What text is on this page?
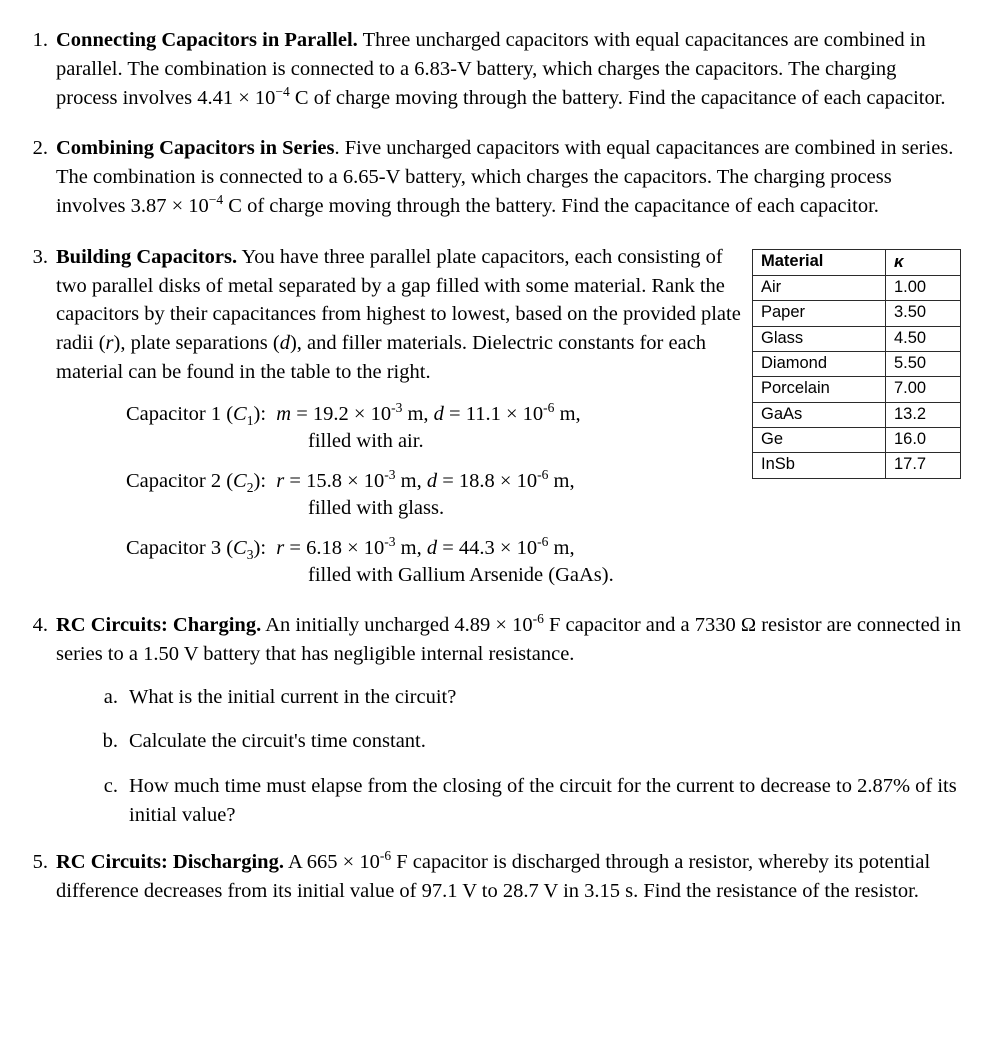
1. Connecting Capacitors in Parallel. Three uncharged capacitors with equal capacitances are combined in parallel. The combination is connected to a 6.83-V battery, which charges the capacitors. The charging process involves $4.41 \times 10^{-4}$ C of charge moving through the battery. Find the capacitance of each capacitor.
2. Combining Capacitors in Series. Five uncharged capacitors with equal capacitances are combined in series. The combination is connected to a 6.65-V battery, which charges the capacitors. The charging process involves $3.87 \times 10^{-4}$ C of charge moving through the battery. Find the capacitance of each capacitor.
3. Building Capacitors. You have three parallel plate capacitors, each consisting of two parallel disks of metal separated by a gap filled with some material. Rank the capacitors by their capacitances from highest to lowest, based on the provided plate radii (r), plate separations (d), and filler materials. Dielectric constants for each material can be found in the table to the right.
Capacitor 1 $(C_1)$: $m = 19.2 \times 10^{-3}$ m, $d = 11.1 \times 10^{-6}$ m,
filled with air.
Capacitor 2 $(C_2)$: $r = 15.8 \times 10^{-3}$ m, $d = 18.8 \times 10^{-6}$ m,
filled with glass.
Capacitor 3 $(C_3)$: $r = 6.18 \times 10^{-3}$ m, $d = 44.3 \times 10^{-6}$ m,
filled with Gallium Arsenide (GaAs).
Material	κ
Air	1.00
Paper	3.50
Glass	4.50
Diamond	5.50
Porcelain	7.00
GaAs	13.2
Ge	16.0
InSb	17.7
4. RC Circuits: Charging. An initially uncharged $4.89 \times 10^{-6}$ F capacitor and a 7330 Ω resistor are connected in series to a 1.50 V battery that has negligible internal resistance.
a. What is the initial current in the circuit?
b. Calculate the circuit's time constant.
c. How much time must elapse from the closing of the circuit for the current to decrease to 2.87% of its initial value?
5. RC Circuits: Discharging. A $665 \times 10^{-6}$ F capacitor is discharged through a resistor, whereby its potential difference decreases from its initial value of 97.1 V to 28.7 V in 3.15 s. Find the resistance of the resistor.
